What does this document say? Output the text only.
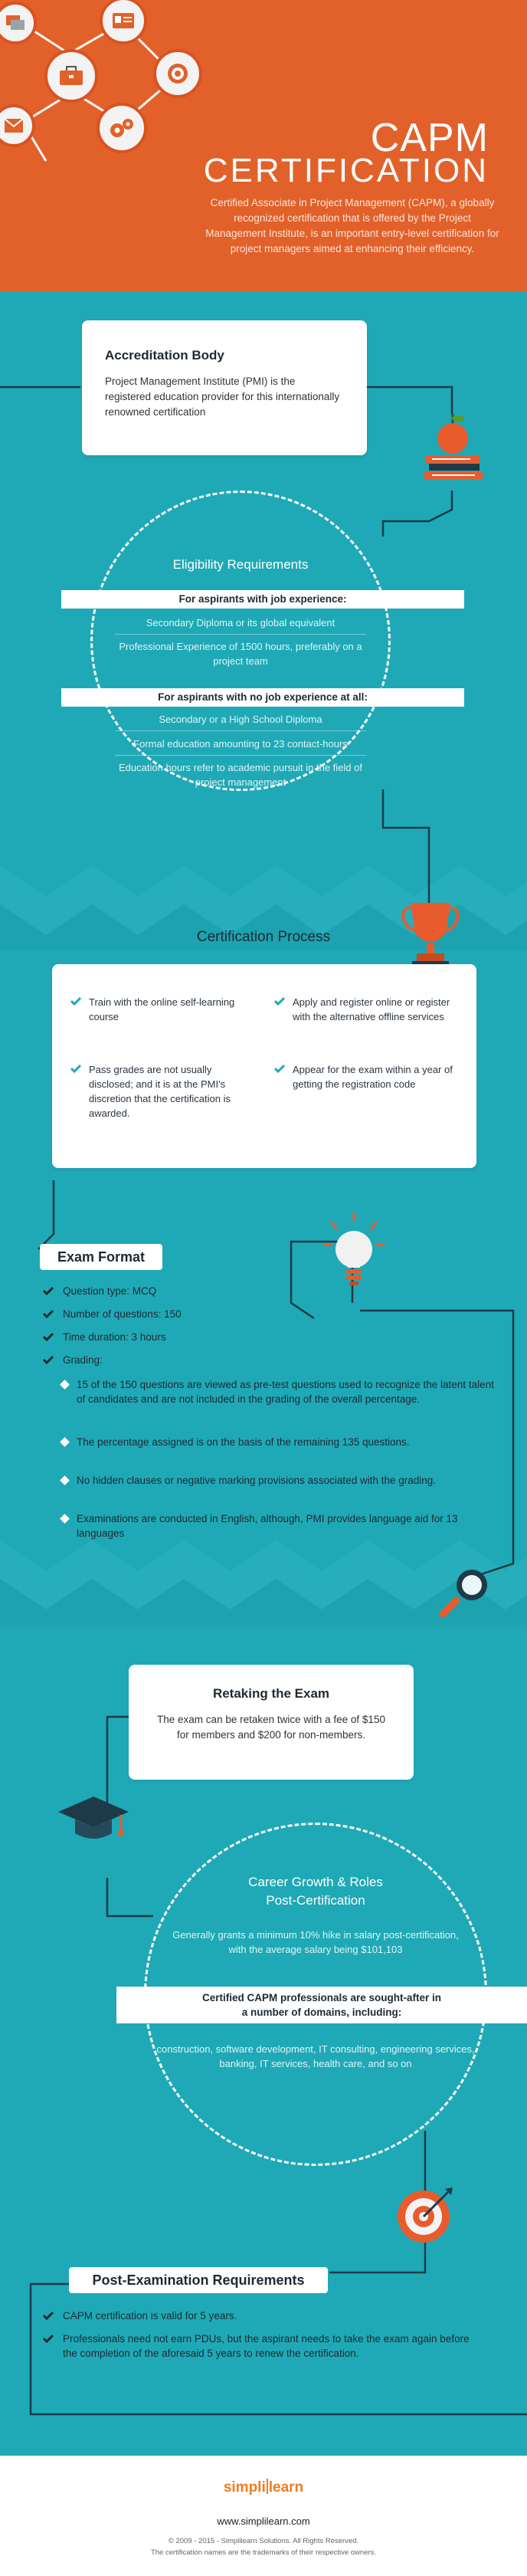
CAPM
CERTIFICATION
Certified Associate in Project Management (CAPM), a globally recognized certification that is offered by the Project Management Institute, is an important entry-level certification for project managers aimed at enhancing their efficiency.
Accreditation Body
Project Management Institute (PMI) is the registered education provider for this internationally renowned certification
Eligibility Requirements
For aspirants with job experience:
Secondary Diploma or its global equivalent
Professional Experience of 1500 hours, preferably on a project team
For aspirants with no job experience at all:
Secondary or a High School Diploma
Formal education amounting to 23 contact-hours
Education hours refer to academic pursuit in the field of project management
Certification Process
Train with the online self-learning course
Apply and register online or register with the alternative offline services
Pass grades are not usually disclosed; and it is at the PMI's discretion that the certification is awarded.
Appear for the exam within a year of getting the registration code
Exam Format
Question type: MCQ
Number of questions: 150
Time duration: 3 hours
Grading:
15 of the 150 questions are viewed as pre-test questions used to recognize the latent talent of candidates and are not included in the grading of the overall percentage.
The percentage assigned is on the basis of the remaining 135 questions.
No hidden clauses or negative marking provisions associated with the grading.
Examinations are conducted in English, although, PMI provides language aid for 13 languages
Retaking the Exam
The exam can be retaken twice with a fee of $150 for members and $200 for non-members.
Career Growth & Roles
Post-Certification
Generally grants a minimum 10% hike in salary post-certification, with the average salary being $101,103
Certified CAPM professionals are sought-after in a number of domains, including:
construction, software development, IT consulting, engineering services, banking, IT services, health care, and so on
Post-Examination Requirements
CAPM certification is valid for 5 years.
Professionals need not earn PDUs, but the aspirant needs to take the exam again before the completion of the aforesaid 5 years to renew the certification.
simpli learn
www.simplilearn.com
© 2009 - 2015 - Simplilearn Solutions. All Rights Reserved.
The certification names are the trademarks of their respective owners.
